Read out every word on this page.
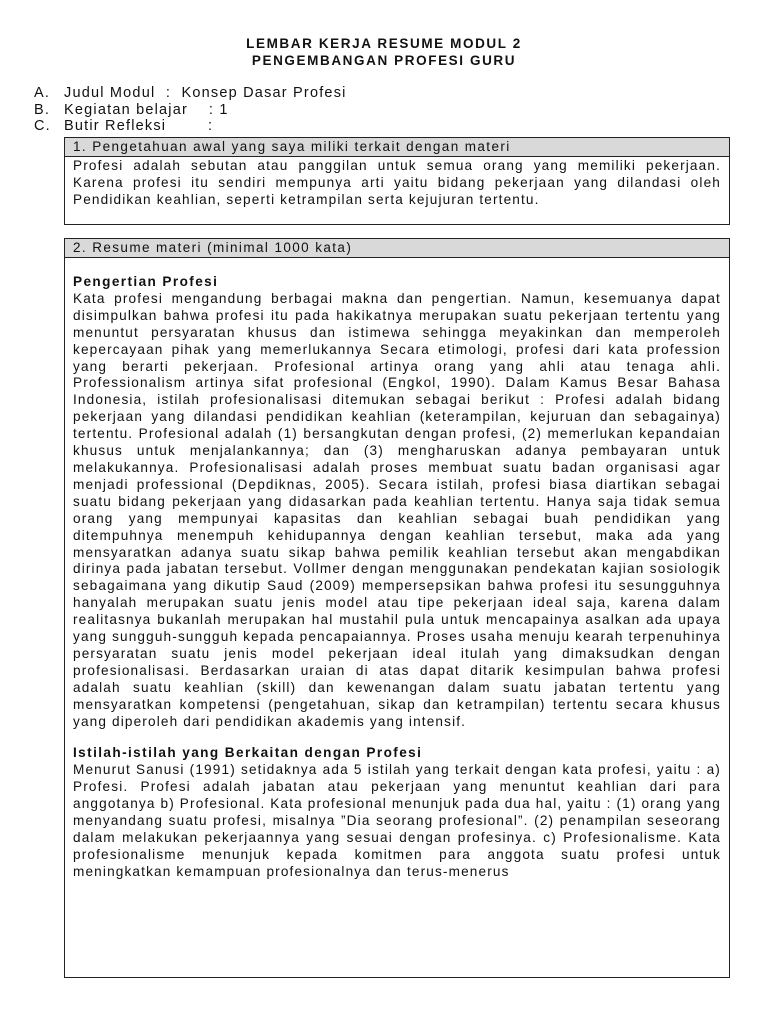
LEMBAR KERJA RESUME MODUL 2
PENGEMBANGAN PROFESI GURU
A. Judul Modul  :  Konsep Dasar Profesi
B. Kegiatan belajar    : 1
C. Butir Refleksi        :
1. Pengetahuan awal yang saya miliki terkait dengan materi
Profesi adalah sebutan atau panggilan untuk semua orang yang memiliki pekerjaan. Karena profesi itu sendiri mempunya arti yaitu bidang pekerjaan yang dilandasi oleh Pendidikan keahlian, seperti ketrampilan serta kejujuran tertentu.
2. Resume materi (minimal 1000 kata)
Pengertian Profesi

Kata profesi mengandung berbagai makna dan pengertian. Namun, kesemuanya dapat disimpulkan bahwa profesi itu pada hakikatnya merupakan suatu pekerjaan tertentu yang menuntut persyaratan khusus dan istimewa sehingga meyakinkan dan memperoleh kepercayaan pihak yang memerlukannya Secara etimologi, profesi dari kata profession yang berarti pekerjaan. Profesional artinya orang yang ahli atau tenaga ahli. Professionalism artinya sifat profesional (Engkol, 1990). Dalam Kamus Besar Bahasa Indonesia, istilah profesionalisasi ditemukan sebagai berikut : Profesi adalah bidang pekerjaan yang dilandasi pendidikan keahlian (keterampilan, kejuruan dan sebagainya) tertentu. Profesional adalah (1) bersangkutan dengan profesi, (2) memerlukan kepandaian khusus untuk menjalankannya; dan (3) mengharuskan adanya pembayaran untuk melakukannya. Profesionalisasi adalah proses membuat suatu badan organisasi agar menjadi professional (Depdiknas, 2005). Secara istilah, profesi biasa diartikan sebagai suatu bidang pekerjaan yang didasarkan pada keahlian tertentu. Hanya saja tidak semua orang yang mempunyai kapasitas dan keahlian sebagai buah pendidikan yang ditempuhnya menempuh kehidupannya dengan keahlian tersebut, maka ada yang mensyaratkan adanya suatu sikap bahwa pemilik keahlian tersebut akan mengabdikan dirinya pada jabatan tersebut. Vollmer dengan menggunakan pendekatan kajian sosiologik sebagaimana yang dikutip Saud (2009) mempersepsikan bahwa profesi itu sesungguhnya hanyalah merupakan suatu jenis model atau tipe pekerjaan ideal saja, karena dalam realitasnya bukanlah merupakan hal mustahil pula untuk mencapainya asalkan ada upaya yang sungguh-sungguh kepada pencapaiannya. Proses usaha menuju kearah terpenuhinya persyaratan suatu jenis model pekerjaan ideal itulah yang dimaksudkan dengan profesionalisasi. Berdasarkan uraian di atas dapat ditarik kesimpulan bahwa profesi adalah suatu keahlian (skill) dan kewenangan dalam suatu jabatan tertentu yang mensyaratkan kompetensi (pengetahuan, sikap dan ketrampilan) tertentu secara khusus yang diperoleh dari pendidikan akademis yang intensif.

Istilah-istilah yang Berkaitan dengan Profesi

Menurut Sanusi (1991) setidaknya ada 5 istilah yang terkait dengan kata profesi, yaitu : a) Profesi. Profesi adalah jabatan atau pekerjaan yang menuntut keahlian dari para anggotanya b) Profesional. Kata profesional menunjuk pada dua hal, yaitu : (1) orang yang menyandang suatu profesi, misalnya ”Dia seorang profesional”. (2) penampilan seseorang dalam melakukan pekerjaannya yang sesuai dengan profesinya. c) Profesionalisme. Kata profesionalisme menunjuk kepada komitmen para anggota suatu profesi untuk meningkatkan kemampuan profesionalnya dan terus-menerus
